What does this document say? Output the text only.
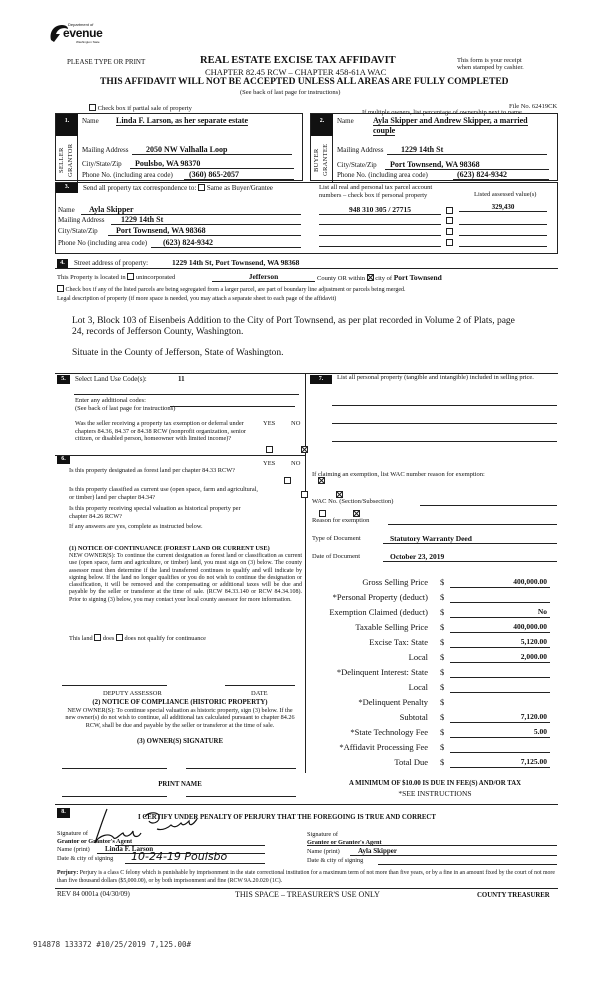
Department of
evenue
Washington State
PLEASE TYPE OR PRINT	REAL ESTATE EXCISE TAX AFFIDAVIT
CHAPTER 82.45 RCW – CHAPTER 458-61A WAC
THIS AFFIDAVIT WILL NOT BE ACCEPTED UNLESS ALL AREAS ARE FULLY COMPLETED
(See back of last page for instructions)
This form is your receipt
when stamped by cashier.
Check box if partial sale of property	File No. 62419CK
If multiple owners, list percentage of ownership next to name.
1.
SELLER GRANTOR
Name Linda F. Larson, as her separate estate
Mailing Address	2050 NW Valhalla Loop
City/State/Zip	Poulsbo, WA 98370
Phone No. (including area code)	(360) 865-2057
2.
BUYER GRANTEE
Name Ayla Skipper and Andrew Skipper, a married
couple
Mailing Address	1229 14th St
City/State/Zip	Port Townsend, WA 98368
Phone No. (including area code)	(623) 824-9342
3.	Send all property tax correspondence to: Same as Buyer/Grantee
Name	Ayla Skipper
Mailing Address	1229 14th St
City/State/Zip	Port Townsend, WA 98368
Phone No (including area code)	(623) 824-9342
List all real and personal tax parcel account
numbers – check box if personal property	Listed assessed value(s)
948 310 305 / 27715	329,430
4.	Street address of property:	1229 14th St, Port Townsend, WA 98368
This Property is located in unincorporated	Jefferson	County OR within city of Port Townsend
Check box if any of the listed parcels are being segregated from a larger parcel, are part of boundary line adjustment or parcels being merged.
Legal description of property (if more space is needed, you may attach a separate sheet to each page of the affidavit)
Lot 3, Block 103 of Eisenbeis Addition to the City of Port Townsend, as per plat recorded in Volume 2 of Plats, page
24, records of Jefferson County, Washington.
Situate in the County of Jefferson, State of Washington.
5.	Select Land Use Code(s):	11
Enter any additional codes:
(See back of last page for instructions)
Was the seller receiving a property tax exemption or deferral under chapters 84.36, 84.37 or 84.38 RCW (nonprofit organization, senior citizen, or disabled person, homeowner with limited income)?
YES NO

6.
YES NO
Is this property designated as forest land per chapter 84.33 RCW?

Is this property classified as current use (open space, farm and agricultural, or timber) land per chapter 84.34?

Is this property receiving special valuation as historical property per chapter 84.26 RCW?

If any answers are yes, complete as instructed below.
(1) NOTICE OF CONTINUANCE (FOREST LAND OR CURRENT USE)
NEW OWNER(S): To continue the current designation as forest land or classification as current use (open space, farm and agriculture, or timber) land, you must sign on (3) below. The county assessor must then determine if the land transferred continues to qualify and will indicate by signing below. If the land no longer qualifies or you do not wish to continue the designation or classification, it will be removed and the compensating or additional taxes will be due and payable by the seller or transferor at the time of sale. (RCW 84.33.140 or RCW 84.34.108). Prior to signing (3) below, you may contact your local county assessor for more information.
This land does does not qualify for continuance
DEPUTY ASSESSOR	DATE
(2) NOTICE OF COMPLIANCE (HISTORIC PROPERTY)
NEW OWNER(S): To continue special valuation as historic property, sign (3) below. If the new owner(s) do not wish to continue, all additional tax calculated pursuant to chapter 84.26 RCW, shall be due and payable by the seller or transferor at the time of sale.
(3) OWNER(S) SIGNATURE
PRINT NAME
7.	List all personal property (tangible and intangible) included in selling price.
If claiming an exemption, list WAC number reason for exemption:
WAC No. (Section/Subsection)
Reason for exemption
Type of Document	Statutory Warranty Deed
Date of Document	October 23, 2019
Gross Selling Price $	400,000.00
*Personal Property (deduct) $
Exemption Claimed (deduct) $	No
Taxable Selling Price $	400,000.00
Excise Tax: State $	5,120.00
Local $	2,000.00
*Delinquent Interest: State $
Local $
*Delinquent Penalty $
Subtotal $	7,120.00
*State Technology Fee $	5.00
*Affidavit Processing Fee $
Total Due $	7,125.00
A MINIMUM OF $10.00 IS DUE IN FEE(S) AND/OR TAX
*SEE INSTRUCTIONS
8.
I CERTIFY UNDER PENALTY OF PERJURY THAT THE FOREGOING IS TRUE AND CORRECT
Signature of
Grantor or Grantor's Agent
Name (print)	Linda F. Larson
Date & city of signing	10-24-19 Poulsbo
Signature of
Grantee or Grantee's Agent
Name (print)	Ayla Skipper
Date & city of signing
Perjury: Perjury is a class C felony which is punishable by imprisonment in the state correctional institution for a maximum term of not more than five years, or by a fine in an amount fixed by the court of not more than five thousand dollars ($5,000.00), or by both imprisonment and fine (RCW 9A.20.020 (1C).
REV 84 0001a (04/30/09)	THIS SPACE – TREASURER'S USE ONLY	COUNTY TREASURER
914878 133372 #10/25/2019 7,125.00#
